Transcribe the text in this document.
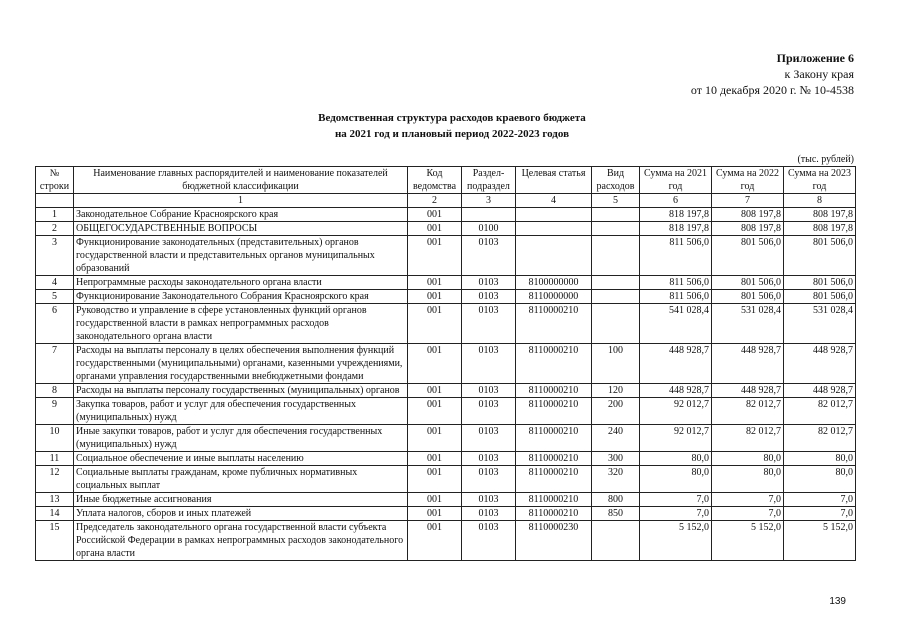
Приложение 6
к Закону края
от 10 декабря 2020 г. № 10-4538
Ведомственная структура расходов краевого бюджета
на 2021 год и плановый период 2022-2023 годов
(тыс. рублей)
№ строки	Наименование главных распорядителей и наименование показателей бюджетной классификации	Код ведомства	Раздел-подраздел	Целевая статья	Вид расходов	Сумма на 2021 год	Сумма на 2022 год	Сумма на 2023 год
	1	2	3	4	5	6	7	8
1	Законодательное Собрание Красноярского края	001				818 197,8	808 197,8	808 197,8
2	ОБЩЕГОСУДАРСТВЕННЫЕ ВОПРОСЫ	001	0100			818 197,8	808 197,8	808 197,8
3	Функционирование законодательных (представительных) органов государственной власти и представительных органов муниципальных образований	001	0103			811 506,0	801 506,0	801 506,0
4	Непрограммные расходы законодательного органа власти	001	0103	8100000000		811 506,0	801 506,0	801 506,0
5	Функционирование Законодательного Собрания Красноярского края	001	0103	8110000000		811 506,0	801 506,0	801 506,0
6	Руководство и управление в сфере установленных функций органов государственной власти в рамках непрограммных расходов законодательного органа власти	001	0103	8110000210		541 028,4	531 028,4	531 028,4
7	Расходы на выплаты персоналу в целях обеспечения выполнения функций государственными (муниципальными) органами, казенными учреждениями, органами управления государственными внебюджетными фондами	001	0103	8110000210	100	448 928,7	448 928,7	448 928,7
8	Расходы на выплаты персоналу государственных (муниципальных) органов	001	0103	8110000210	120	448 928,7	448 928,7	448 928,7
9	Закупка товаров, работ и услуг для обеспечения государственных (муниципальных) нужд	001	0103	8110000210	200	92 012,7	82 012,7	82 012,7
10	Иные закупки товаров, работ и услуг для обеспечения государственных (муниципальных) нужд	001	0103	8110000210	240	92 012,7	82 012,7	82 012,7
11	Социальное обеспечение и иные выплаты населению	001	0103	8110000210	300	80,0	80,0	80,0
12	Социальные выплаты гражданам, кроме публичных нормативных социальных выплат	001	0103	8110000210	320	80,0	80,0	80,0
13	Иные бюджетные ассигнования	001	0103	8110000210	800	7,0	7,0	7,0
14	Уплата налогов, сборов и иных платежей	001	0103	8110000210	850	7,0	7,0	7,0
15	Председатель законодательного органа государственной власти субъекта Российской Федерации в рамках непрограммных расходов законодательного органа власти	001	0103	8110000230		5 152,0	5 152,0	5 152,0
139
